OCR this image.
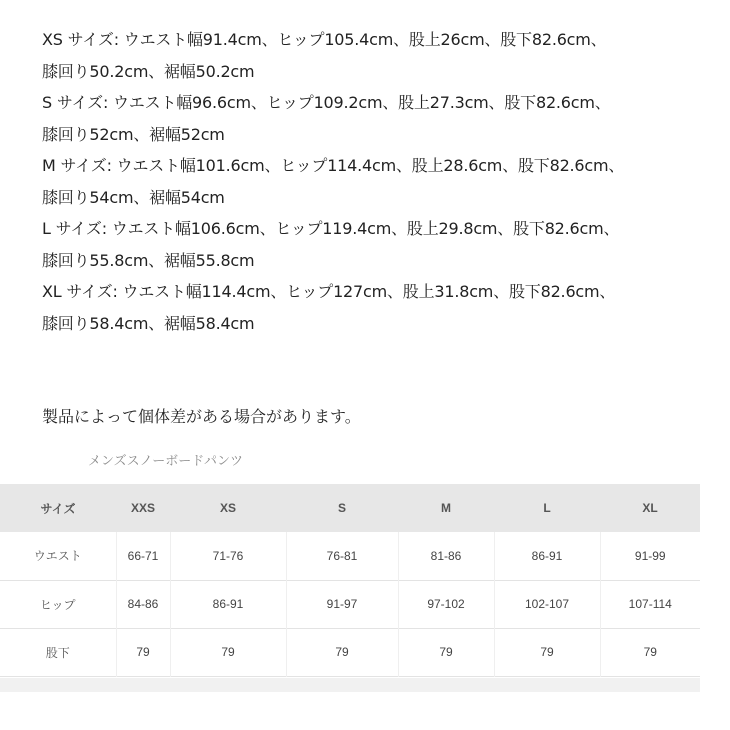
XS サイズ: ウエスト幅91.4cm、ヒップ105.4cm、股上26cm、股下82.6cm、
膝回り50.2cm、裾幅50.2cm
S サイズ: ウエスト幅96.6cm、ヒップ109.2cm、股上27.3cm、股下82.6cm、
膝回り52cm、裾幅52cm
M サイズ: ウエスト幅101.6cm、ヒップ114.4cm、股上28.6cm、股下82.6cm、
膝回り54cm、裾幅54cm
L サイズ: ウエスト幅106.6cm、ヒップ119.4cm、股上29.8cm、股下82.6cm、
膝回り55.8cm、裾幅55.8cm
XL サイズ: ウエスト幅114.4cm、ヒップ127cm、股上31.8cm、股下82.6cm、
膝回り58.4cm、裾幅58.4cm
製品によって個体差がある場合があります。
メンズスノーボードパンツ
サイズ	XXS	XS	S	M	L	XL
ウエスト	66-71	71-76	76-81	81-86	86-91	91-99
ヒップ	84-86	86-91	91-97	97-102	102-107	107-114
股下	79	79	79	79	79	79
